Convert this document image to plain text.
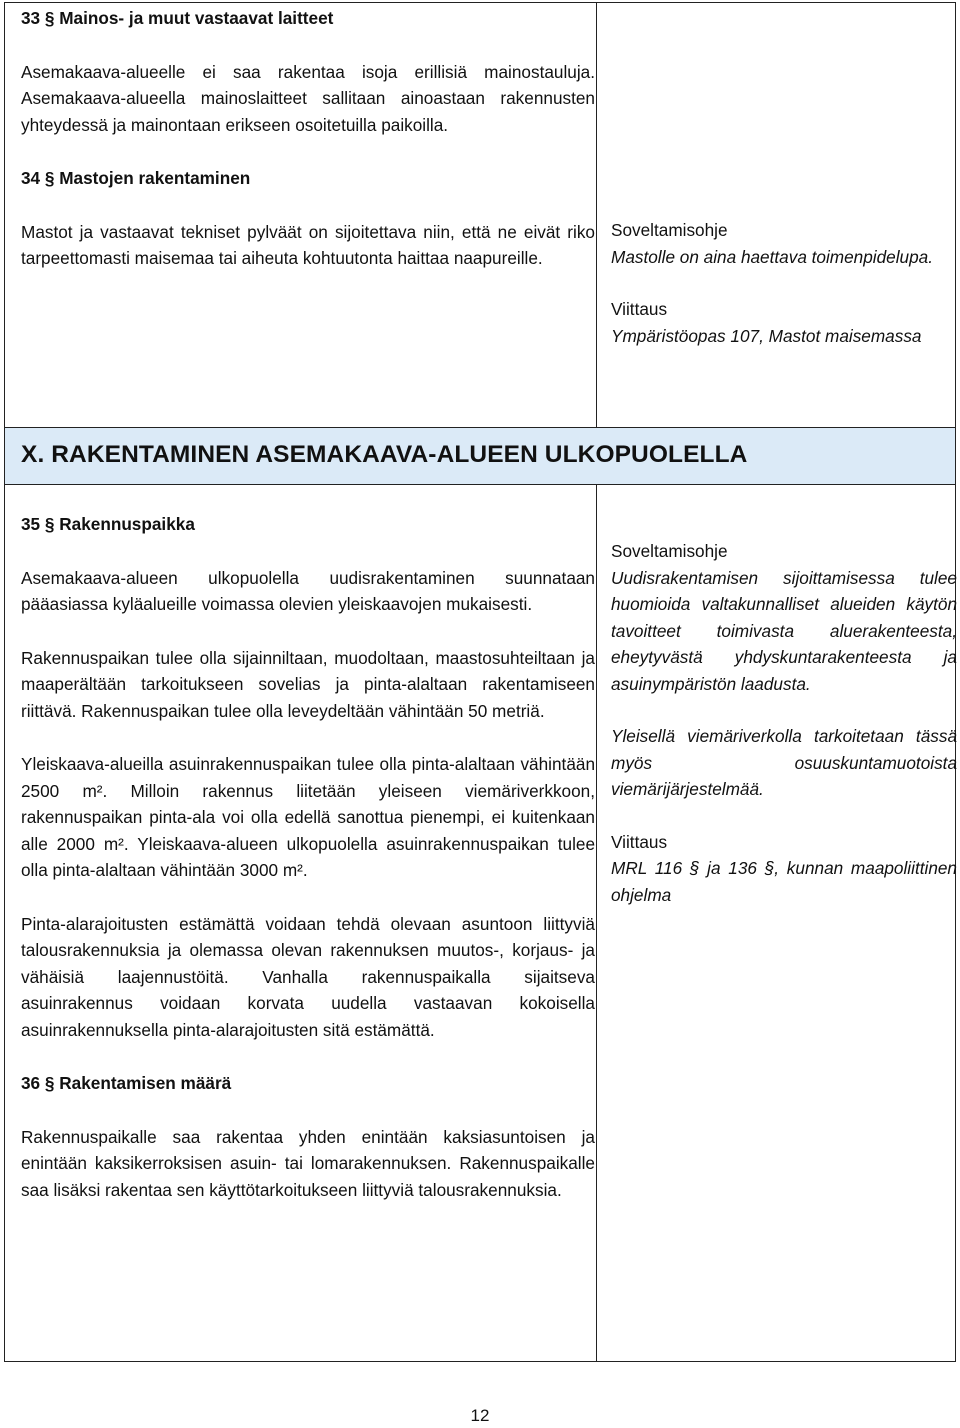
33 § Mainos- ja muut vastaavat laitteet

Asemakaava-alueelle ei saa rakentaa isoja erillisiä mainostauluja. Asemakaava-alueella mainoslaitteet sallitaan ainoastaan rakennusten yhteydessä ja mainontaan erikseen osoitetuilla paikoilla.

34 § Mastojen rakentaminen

Mastot ja vastaavat tekniset pylväät on sijoitettava niin, että ne eivät riko tarpeettomasti maisemaa tai aiheuta kohtuutonta haittaa naapureille.

Soveltamisohje

Mastolle on aina haettava toimenpidelupa.

Viittaus

Ympäristöopas 107, Mastot maisemassa

X. RAKENTAMINEN ASEMAKAAVA-ALUEEN ULKOPUOLELLA

35 § Rakennuspaikka

Asemakaava-alueen ulkopuolella uudisrakentaminen suunnataan pääasiassa kyläalueille voimassa olevien yleiskaavojen mukaisesti.

Rakennuspaikan tulee olla sijainniltaan, muodoltaan, maastosuhteiltaan ja maaperältään tarkoitukseen sovelias ja pinta-alaltaan rakentamiseen riittävä. Rakennuspaikan tulee olla leveydeltään vähintään 50 metriä.

Yleiskaava-alueilla asuinrakennuspaikan tulee olla pinta-alaltaan vähintään 2500 m². Milloin rakennus liitetään yleiseen viemäriverkkoon, rakennuspaikan pinta-ala voi olla edellä sanottua pienempi, ei kuitenkaan alle 2000 m². Yleiskaava-alueen ulkopuolella asuinrakennuspaikan tulee olla pinta-alaltaan vähintään 3000 m².

Pinta-alarajoitusten estämättä voidaan tehdä olevaan asuntoon liittyviä talousrakennuksia ja olemassa olevan rakennuksen muutos-, korjaus- ja vähäisiä laajennustöitä. Vanhalla rakennuspaikalla sijaitseva asuinrakennus voidaan korvata uudella vastaavan kokoisella asuinrakennuksella pinta-alarajoitusten sitä estämättä.

36 § Rakentamisen määrä

Rakennuspaikalle saa rakentaa yhden enintään kaksiasuntoisen ja enintään kaksikerroksisen asuin- tai lomarakennuksen. Rakennuspaikalle saa lisäksi rakentaa sen käyttötarkoitukseen liittyviä talousrakennuksia.

Soveltamisohje

Uudisrakentamisen sijoittamisessa tulee huomioida valtakunnalliset alueiden käytön tavoitteet toimivasta aluerakenteesta, eheytyvästä yhdyskuntarakenteesta ja asuinympäristön laadusta.

Yleisellä viemäriverkolla tarkoitetaan tässä myös osuuskuntamuotoista viemärijärjestelmää.

Viittaus

MRL 116 § ja 136 §, kunnan maapoliittinen ohjelma

12
